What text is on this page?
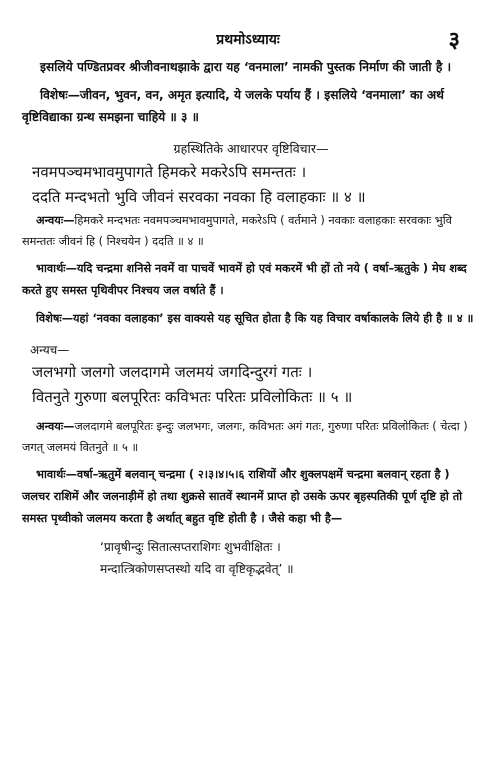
प्रथमोऽध्यायः	३

इसलिये पण्डितप्रवर श्रीजीवनाथझाके द्वारा यह ‘वनमाला’ नामकी पुस्तक निर्माण की जाती है ।

विशेषः—जीवन, भुवन, वन, अमृत इत्यादि, ये जलके पर्याय हैं । इसलिये ‘वनमाला’ का अर्थ वृष्टिविद्याका ग्रन्थ समझना चाहिये ॥ ३ ॥

ग्रहस्थितिके आधारपर वृष्टिविचार—
नवमपञ्चमभावमुपागते हिमकरे मकरेऽपि समन्ततः ।
ददति मन्दभतो भुवि जीवनं सरवका नवका हि वलाहकाः ॥ ४ ॥

अन्वयः—हिमकरे मन्दभतः नवमपञ्चमभावमुपागते, मकरेऽपि ( वर्तमाने ) नवकाः वलाहकाः सरवकाः भुवि समन्ततः जीवनं हि ( निश्चयेन ) ददति ॥ ४ ॥

भावार्थः—यदि चन्द्रमा शनिसे नवमें वा पाचवें भावमें हो एवं मकरमें भी हों तो नये ( वर्षा–ऋतुके ) मेघ शब्द करते हुए समस्त पृथिवीपर निश्चय जल वर्षाते हैं ।

विशेषः—यहां ‘नवका वलाहका’ इस वाक्यसे यह सूचित होता है कि यह विचार वर्षाकालके लिये ही है ॥ ४ ॥

अन्यच—
जलभगो जलगो जलदागमे जलमयं जगदिन्दुरगं गतः ।
वितनुते गुरुणा बलपूरितः कविभतः परितः प्रविलोकितः ॥ ५ ॥

अन्वयः—जलदागमे बलपूरितः इन्दुः जलभगः, जलगः, कविभतः अगं गतः, गुरुणा परितः प्रविलोकितः ( चेत्दा ) जगत् जलमयं वितनुते ॥ ५ ॥

भावार्थः—वर्षा–ऋतुमें बलवान् चन्द्रमा ( २।३।४।५।६ राशियों और शुक्लपक्षमें चन्द्रमा बलवान् रहता है ) जलचर राशिमें और जलनाड़ीमें हो तथा शुक्रसे सातवें स्थानमें प्राप्त हो उसके ऊपर बृहस्पतिकी पूर्ण दृष्टि हो तो समस्त पृथ्वीको जलमय करता है अर्थात् बहुत वृष्टि होती है । जैसे कहा भी है—

‘प्रावृषीन्दुः सितात्सप्तराशिगः शुभवीक्षितः ।
मन्दात्त्रिकोणसप्तस्थो यदि वा वृष्टिकृद्भवेत्’ ॥
